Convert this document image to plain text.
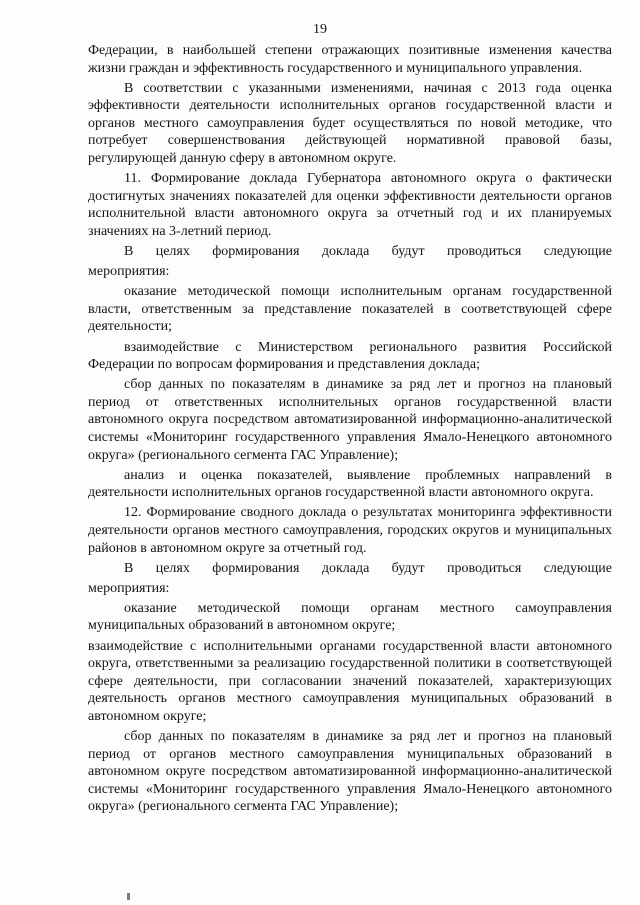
19

Федерации, в наибольшей степени отражающих позитивные изменения качества жизни граждан и эффективность государственного и муниципального управления.

В соответствии с указанными изменениями, начиная с 2013 года оценка эффективности деятельности исполнительных органов государственной власти и органов местного самоуправления будет осуществляться по новой методике, что потребует совершенствования действующей нормативной правовой базы, регулирующей данную сферу в автономном округе.

11. Формирование доклада Губернатора автономного округа о фактически достигнутых значениях показателей для оценки эффективности деятельности органов исполнительной власти автономного округа за отчетный год и их планируемых значениях на 3-летний период.

В целях формирования доклада будут проводиться следующие

мероприятия:

оказание методической помощи исполнительным органам государственной власти, ответственным за представление показателей в соответствующей сфере деятельности;

взаимодействие с Министерством регионального развития Российской Федерации по вопросам формирования и представления доклада;

сбор данных по показателям в динамике за ряд лет и прогноз на плановый период от ответственных исполнительных органов государственной власти автономного округа посредством автоматизированной информационно-аналитической системы «Мониторинг государственного управления Ямало-Ненецкого автономного округа» (регионального сегмента ГАС Управление);

анализ и оценка показателей, выявление проблемных направлений в деятельности исполнительных органов государственной власти автономного округа.

12. Формирование сводного доклада о результатах мониторинга эффективности деятельности органов местного самоуправления, городских округов и муниципальных районов в автономном округе за отчетный год.

В целях формирования доклада будут проводиться следующие

мероприятия:

оказание методической помощи органам местного самоуправления муниципальных образований в автономном округе;

взаимодействие с исполнительными органами государственной власти автономного округа, ответственными за реализацию государственной политики в соответствующей сфере деятельности, при согласовании значений показателей, характеризующих деятельность органов местного самоуправления муниципальных образований в автономном округе;

сбор данных по показателям в динамике за ряд лет и прогноз на плановый период от органов местного самоуправления муниципальных образований в автономном округе посредством автоматизированной информационно-аналитической системы «Мониторинг государственного управления Ямало-Ненецкого автономного округа» (регионального сегмента ГАС Управление);
